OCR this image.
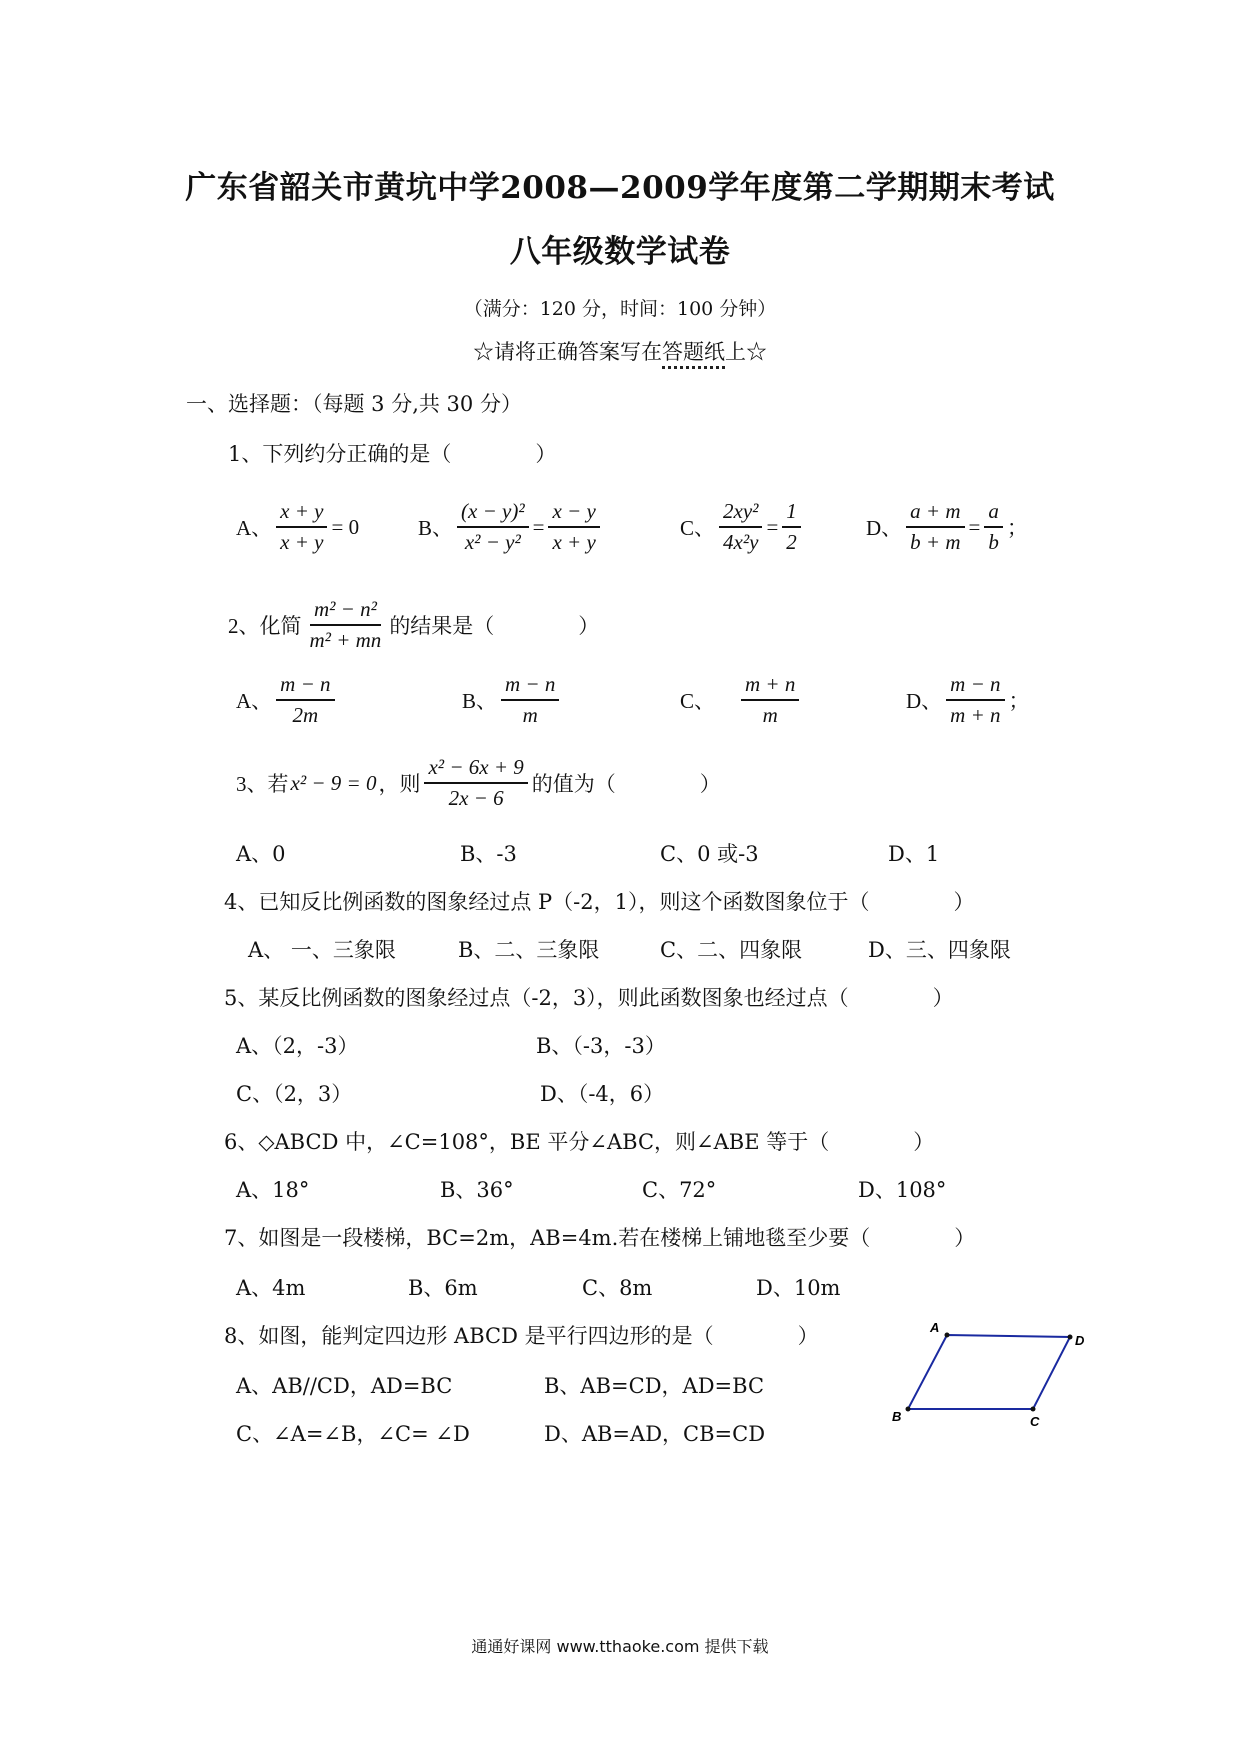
广东省韶关市黄坑中学2008—2009学年度第二学期期末考试
八年级数学试卷
（满分：120 分，时间：100 分钟）
☆请将正确答案写在答题纸上☆
一、选择题：（每题 3 分,共 30 分）
1、下列约分正确的是（　　　　）
A、 $\frac{x + y}{x + y} = 0$	B、 $\frac{\text{(x − y)²}}{\text{x² − y²}} = \frac{x - y}{x + y}$	C、 $\frac{\text{2xy²}}{\text{4x²y}} = \frac{1}{2}$	D、 $\frac{a + m}{b + m} = \frac{a}{b}$ ；
2、化简 $\frac{\text{m² − n²}}{\text{m² + mn}}$ 的结果是（　　　　）
A、 $\frac{m - n}{2m}$	B、 $\frac{m - n}{m}$	C、 $\frac{m + n}{m}$	D、 $\frac{m - n}{m + n}$ ；
3、若 x² − 9 = 0 ，则 $\frac{\text{x² − 6x + 9}}{2x - 6}$ 的值为（　　　　）
A、0	B、-3	C、0 或-3	D、1
4、已知反比例函数的图象经过点 P（-2，1），则这个函数图象位于（　　　　）
A、 一、三象限	B、二、三象限	C、二、四象限	D、三、四象限
5、某反比例函数的图象经过点（-2，3），则此函数图象也经过点（　　　　）
A、（2，-3）	B、（-3，-3）
C、（2，3）	D、（-4，6）
6、◇ABCD 中，∠C=108°，BE 平分∠ABC，则∠ABE 等于（　　　　）
A、18°	B、36°	C、72°	D、108°
7、如图是一段楼梯，BC=2m，AB=4m.若在楼梯上铺地毯至少要（　　　　）
A、4m	B、6m	C、8m	D、10m
8、如图，能判定四边形 ABCD 是平行四边形的是（　　　　）
A、AB//CD，AD=BC	B、AB=CD，AD=BC
C、∠A=∠B，∠C= ∠D	D、AB=AD，CB=CD
A
D
B	C
通通好课网 www.tthaoke.com 提供下载
